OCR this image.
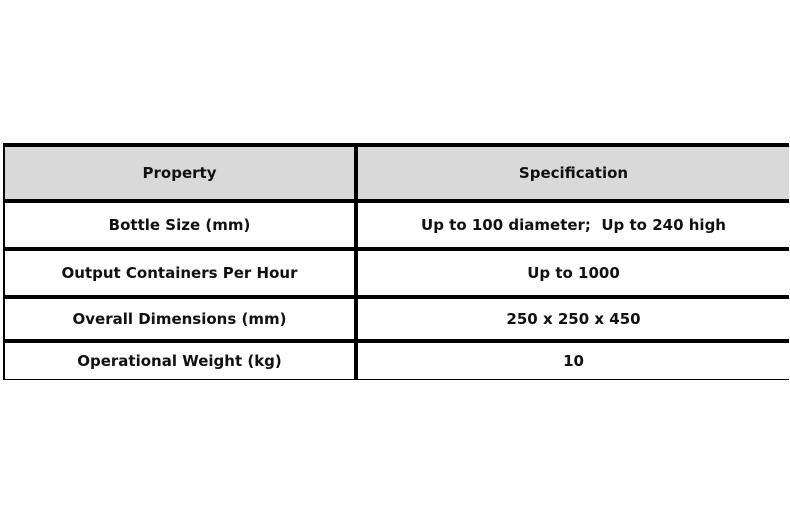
Property	Specification
Bottle Size (mm)	Up to 100 diameter;  Up to 240 high
Output Containers Per Hour	Up to 1000
Overall Dimensions (mm)	250 x 250 x 450
Operational Weight (kg)	10
